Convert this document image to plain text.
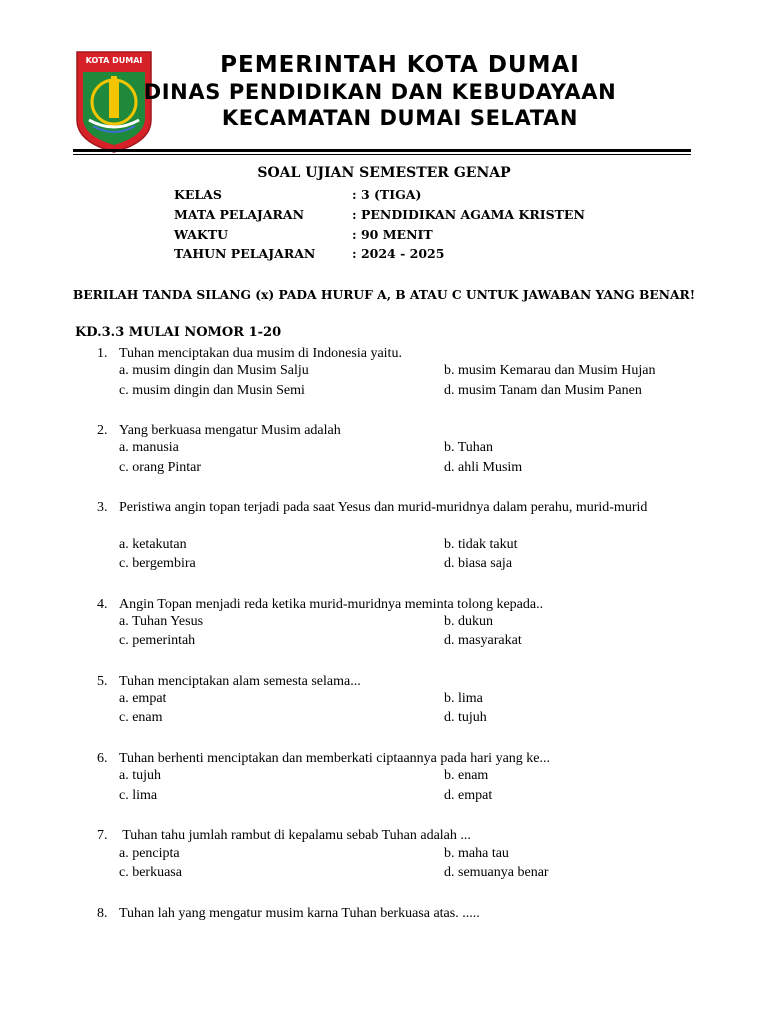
KOTA DUMAI	PEMERINTAH KOTA DUMAI
DINAS PENDIDIKAN DAN KEBUDAYAAN
KECAMATAN DUMAI SELATAN
SOAL UJIAN SEMESTER GENAP
KELAS	: 3 (TIGA)
MATA PELAJARAN	: PENDIDIKAN AGAMA KRISTEN
WAKTU	: 90 MENIT
TAHUN PELAJARAN	: 2024 - 2025
BERILAH TANDA SILANG (x) PADA HURUF A, B ATAU C UNTUK JAWABAN YANG BENAR!
KD.3.3 MULAI NOMOR 1-20
1. Tuhan menciptakan dua musim di Indonesia yaitu.
a. musim dingin dan Musim Salju	b. musim Kemarau dan Musim Hujan
c. musim dingin dan Musin Semi	d. musim Tanam dan Musim Panen
2. Yang berkuasa mengatur Musim adalah
a. manusia	b. Tuhan
c. orang Pintar	d. ahli Musim
3. Peristiwa angin topan terjadi pada saat Yesus dan murid-muridnya dalam perahu, murid-murid
a. ketakutan	b. tidak takut
c. bergembira	d. biasa saja
4. Angin Topan menjadi reda ketika murid-muridnya meminta tolong kepada..
a. Tuhan Yesus	b. dukun
c. pemerintah	d. masyarakat
5. Tuhan menciptakan alam semesta selama...
a. empat	b. lima
c. enam	d. tujuh
6. Tuhan berhenti menciptakan dan memberkati ciptaannya pada hari yang ke...
a. tujuh	b. enam
c. lima	d. empat
7. Tuhan tahu jumlah rambut di kepalamu sebab Tuhan adalah ...
a. pencipta	b. maha tau
c. berkuasa	d. semuanya benar
8. Tuhan lah yang mengatur musim karna Tuhan berkuasa atas. .....
